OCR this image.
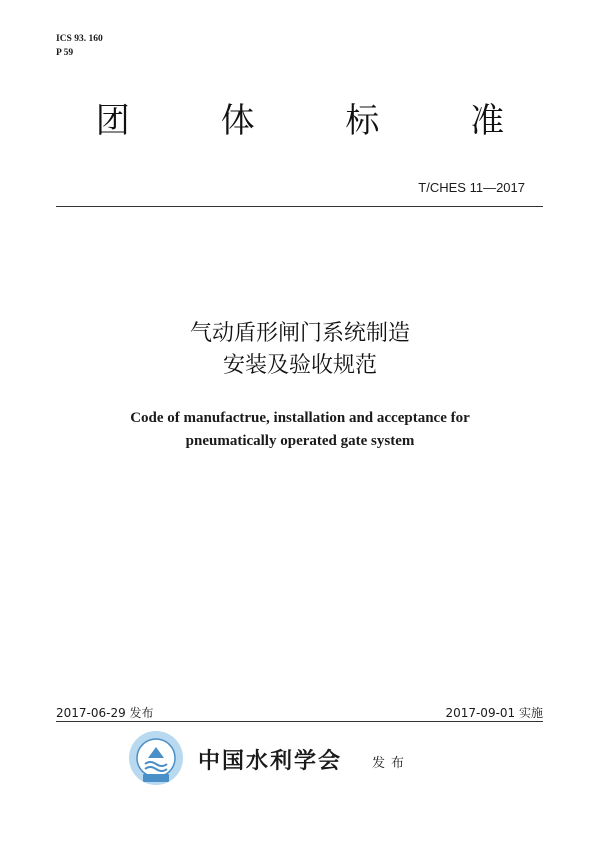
ICS 93. 160
P 59
团 体 标 准
T/CHES 11—2017
气动盾形闸门系统制造
安装及验收规范
Code of manufactrue, installation and acceptance for
pneumatically operated gate system
2017-06-29 发布	2017-09-01 实施
中国水利学会 发布
